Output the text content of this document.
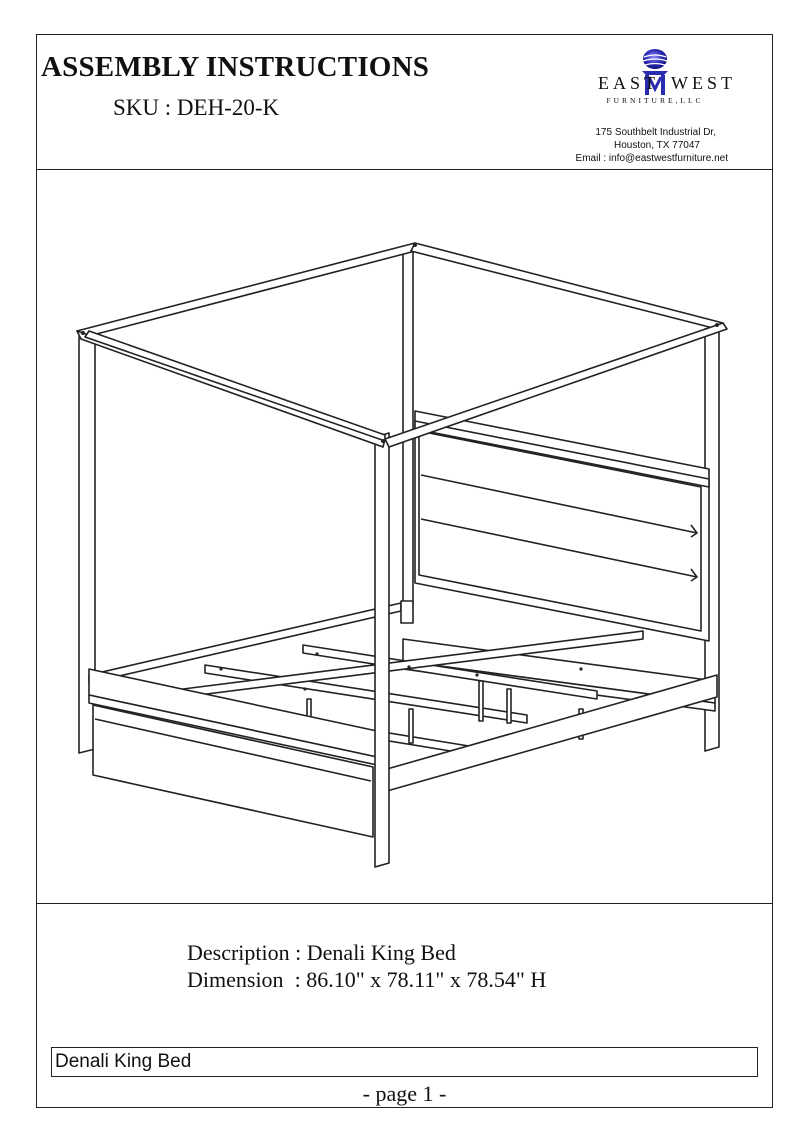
ASSEMBLY INSTRUCTIONS
SKU : DEH-20-K
EAST WEST
FURNITURE,LLC
175 Southbelt Industrial Dr,
Houston, TX 77047
Email : info@eastwestfurniture.net
Description : Denali King Bed
Dimension  : 86.10" x 78.11" x 78.54" H
Denali King Bed
- page 1 -
